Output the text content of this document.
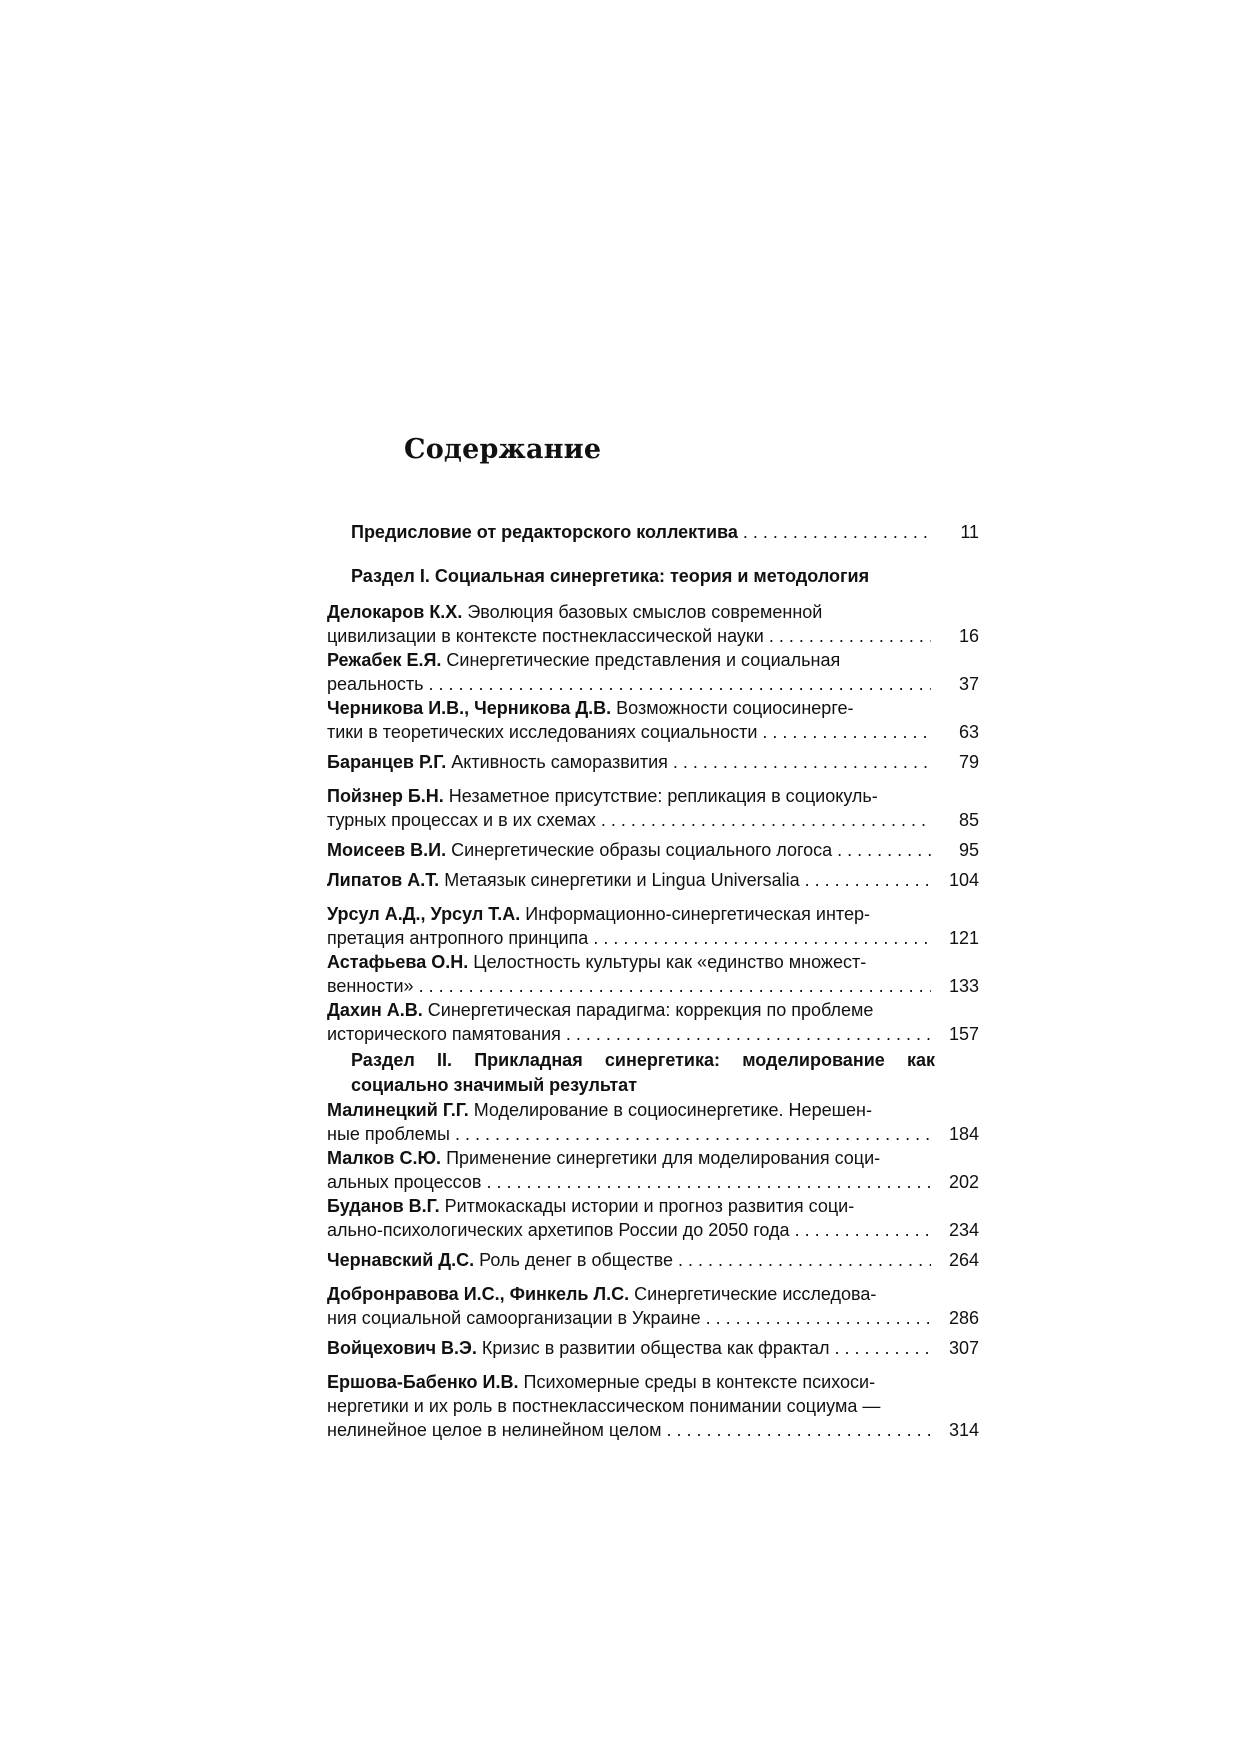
Содержание
Предисловие от редакторского коллектива . . .	11
Раздел I. Социальная синергетика: теория и методология
Делокаров К.Х. Эволюция базовых смыслов современной
цивилизации в контексте постнеклассической науки . . .	16
Режабек Е.Я. Синергетические представления и социальная
реальность . . .	37
Черникова И.В., Черникова Д.В. Возможности социосинерге-
тики в теоретических исследованиях социальности . . .	63
Баранцев Р.Г. Активность саморазвития . . .	79
Пойзнер Б.Н. Незаметное присутствие: репликация в социокуль-
турных процессах и в их схемах . . .	85
Моисеев В.И. Синергетические образы социального логоса . . .	95
Липатов А.Т. Метаязык синергетики и Lingua Universalia . . .	104
Урсул А.Д., Урсул Т.А. Информационно-синергетическая интер-
претация антропного принципа . . .	121
Астафьева О.Н. Целостность культуры как «единство множест-
венности» . . .	133
Дахин А.В. Синергетическая парадигма: коррекция по проблеме
исторического памятования . . .	157
Раздел II. Прикладная синергетика: моделирование как
социально значимый результат
Малинецкий Г.Г. Моделирование в социосинергетике. Нерешен-
ные проблемы . . .	184
Малков С.Ю. Применение синергетики для моделирования соци-
альных процессов . . .	202
Буданов В.Г. Ритмокаскады истории и прогноз развития соци-
ально-психологических архетипов России до 2050 года . . .	234
Чернавский Д.С. Роль денег в обществе . . .	264
Добронравова И.С., Финкель Л.С. Синергетические исследова-
ния социальной самоорганизации в Украине . . .	286
Войцехович В.Э. Кризис в развитии общества как фрактал . . .	307
Ершова-Бабенко И.В. Психомерные среды в контексте психоси-
нергетики и их роль в постнеклассическом понимании социума —
нелинейное целое в нелинейном целом . . .	314
